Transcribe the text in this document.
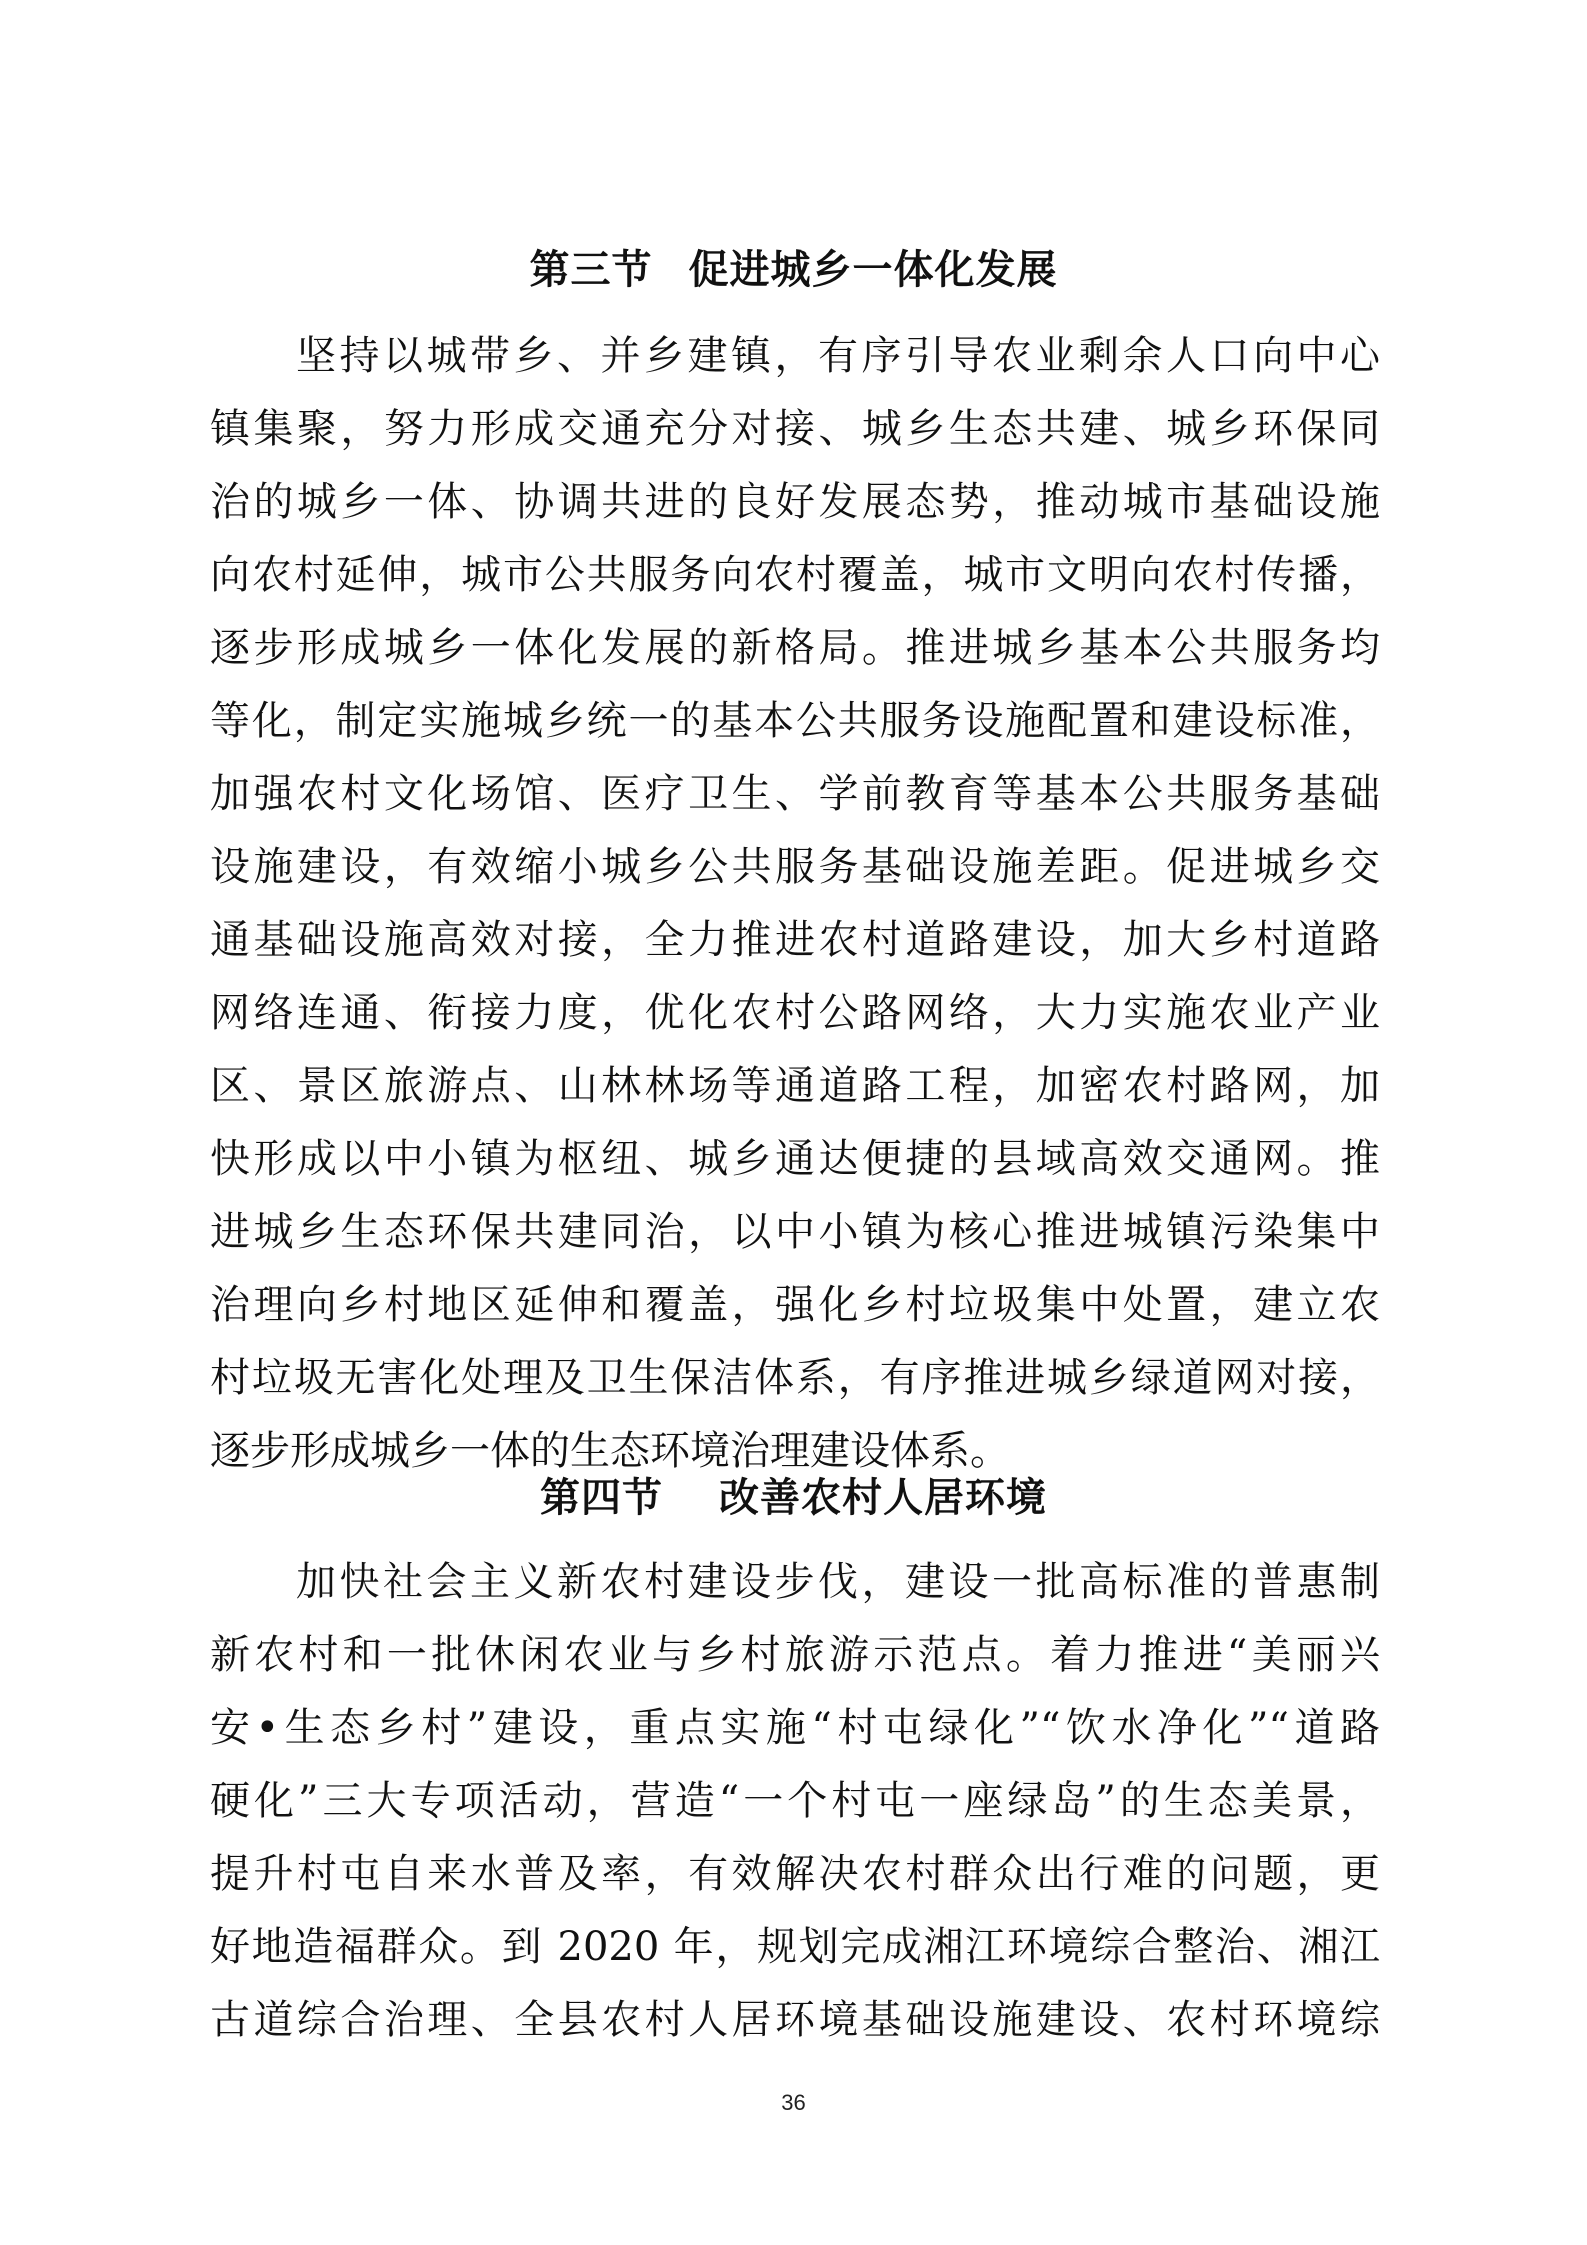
第三节 促进城乡一体化发展
坚持以城带乡、并乡建镇，有序引导农业剩余人口向中心
镇集聚，努力形成交通充分对接、城乡生态共建、城乡环保同
治的城乡一体、协调共进的良好发展态势，推动城市基础设施
向农村延伸，城市公共服务向农村覆盖，城市文明向农村传播，
逐步形成城乡一体化发展的新格局。推进城乡基本公共服务均
等化，制定实施城乡统一的基本公共服务设施配置和建设标准，
加强农村文化场馆、医疗卫生、学前教育等基本公共服务基础
设施建设，有效缩小城乡公共服务基础设施差距。促进城乡交
通基础设施高效对接，全力推进农村道路建设，加大乡村道路
网络连通、衔接力度，优化农村公路网络，大力实施农业产业
区、景区旅游点、山林林场等通道路工程，加密农村路网，加
快形成以中小镇为枢纽、城乡通达便捷的县域高效交通网。推
进城乡生态环保共建同治，以中小镇为核心推进城镇污染集中
治理向乡村地区延伸和覆盖，强化乡村垃圾集中处置，建立农
村垃圾无害化处理及卫生保洁体系，有序推进城乡绿道网对接，
逐步形成城乡一体的生态环境治理建设体系。
第四节 改善农村人居环境
加快社会主义新农村建设步伐，建设一批高标准的普惠制
新农村和一批休闲农业与乡村旅游示范点。着力推进“美丽兴
安•生态乡村”建设，重点实施“村屯绿化”“饮水净化”“道路
硬化”三大专项活动，营造“一个村屯一座绿岛”的生态美景，
提升村屯自来水普及率，有效解决农村群众出行难的问题，更
好地造福群众。到 2020 年，规划完成湘江环境综合整治、湘江
古道综合治理、全县农村人居环境基础设施建设、农村环境综
36
